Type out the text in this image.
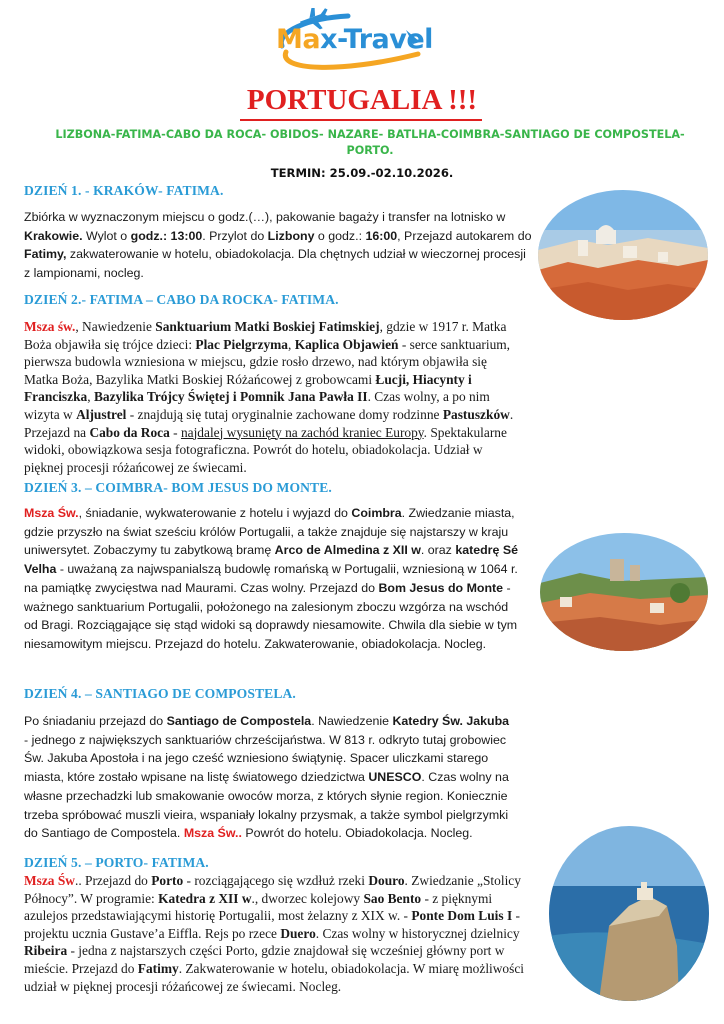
Max-Travel
PORTUGALIA !!!
LIZBONA-FATIMA-CABO DA ROCA- OBIDOS- NAZARE- BATLHA-COIMBRA-SANTIAGO DE COMPOSTELA- PORTO.
TERMIN: 25.09.-02.10.2026.
DZIEŃ 1. - KRAKÓW- FATIMA.
Zbiórka w wyznaczonym miejscu o godz.(…), pakowanie bagaży i transfer na lotnisko w Krakowie. Wylot o godz.: 13:00. Przylot do Lizbony o godz.: 16:00, Przejazd autokarem do Fatimy, zakwaterowanie w hotelu, obiadokolacja. Dla chętnych udział w wieczornej procesji z lampionami, nocleg.
DZIEŃ 2.- FATIMA – CABO DA ROCKA- FATIMA.
Msza św., Nawiedzenie Sanktuarium Matki Boskiej Fatimskiej, gdzie w 1917 r. Matka Boża objawiła się trójce dzieci: Plac Pielgrzyma, Kaplica Objawień - serce sanktuarium, pierwsza budowla wzniesiona w miejscu, gdzie rosło drzewo, nad którym objawiła się Matka Boża, Bazylika Matki Boskiej Różańcowej z grobowcami Łucji, Hiacynty i Franciszka, Bazylika Trójcy Świętej i Pomnik Jana Pawła II. Czas wolny, a po nim wizyta w Aljustrel - znajdują się tutaj oryginalnie zachowane domy rodzinne Pastuszków. Przejazd na Cabo da Roca - najdalej wysunięty na zachód kraniec Europy. Spektakularne widoki, obowiązkowa sesja fotograficzna. Powrót do hotelu, obiadokolacja. Udział w pięknej procesji różańcowej ze świecami.
DZIEŃ 3. – COIMBRA- BOM JESUS DO MONTE.
Msza Św., śniadanie, wykwaterowanie z hotelu i wyjazd do Coimbra. Zwiedzanie miasta, gdzie przyszło na świat sześciu królów Portugalii, a także znajduje się najstarszy w kraju uniwersytet. Zobaczymy tu zabytkową bramę Arco de Almedina z XII w. oraz katedrę Sé Velha - uważaną za najwspanialszą budowlę romańską w Portugalii, wzniesioną w 1064 r. na pamiątkę zwycięstwa nad Maurami. Czas wolny. Przejazd do Bom Jesus do Monte - ważnego sanktuarium Portugalii, położonego na zalesionym zboczu wzgórza na wschód od Bragi. Rozciągające się stąd widoki są doprawdy niesamowite. Chwila dla siebie w tym niesamowitym miejscu. Przejazd do hotelu. Zakwaterowanie, obiadokolacja. Nocleg.
DZIEŃ 4. – SANTIAGO DE COMPOSTELA.
Po śniadaniu przejazd do Santiago de Compostela. Nawiedzenie Katedry Św. Jakuba - jednego z największych sanktuariów chrześcijaństwa. W 813 r. odkryto tutaj grobowiec Św. Jakuba Apostoła i na jego cześć wzniesiono świątynię. Spacer uliczkami starego miasta, które zostało wpisane na listę światowego dziedzictwa UNESCO. Czas wolny na własne przechadzki lub smakowanie owoców morza, z których słynie region. Koniecznie trzeba spróbować muszli vieira, wspaniały lokalny przysmak, a także symbol pielgrzymki do Santiago de Compostela. Msza Św.. Powrót do hotelu. Obiadokolacja. Nocleg.
DZIEŃ 5. – PORTO- FATIMA.
Msza Św.. Przejazd do Porto - rozciągającego się wzdłuż rzeki Douro. Zwiedzanie „Stolicy Północy”. W programie: Katedra z XII w., dworzec kolejowy Sao Bento - z pięknymi azulejos przedstawiającymi historię Portugalii, most żelazny z XIX w. - Ponte Dom Luis I - projektu ucznia Gustave’a Eiffla. Rejs po rzece Duero. Czas wolny w historycznej dzielnicy Ribeira - jedna z najstarszych części Porto, gdzie znajdował się wcześniej główny port w mieście. Przejazd do Fatimy. Zakwaterowanie w hotelu, obiadokolacja. W miarę możliwości udział w pięknej procesji różańcowej ze świecami. Nocleg.
